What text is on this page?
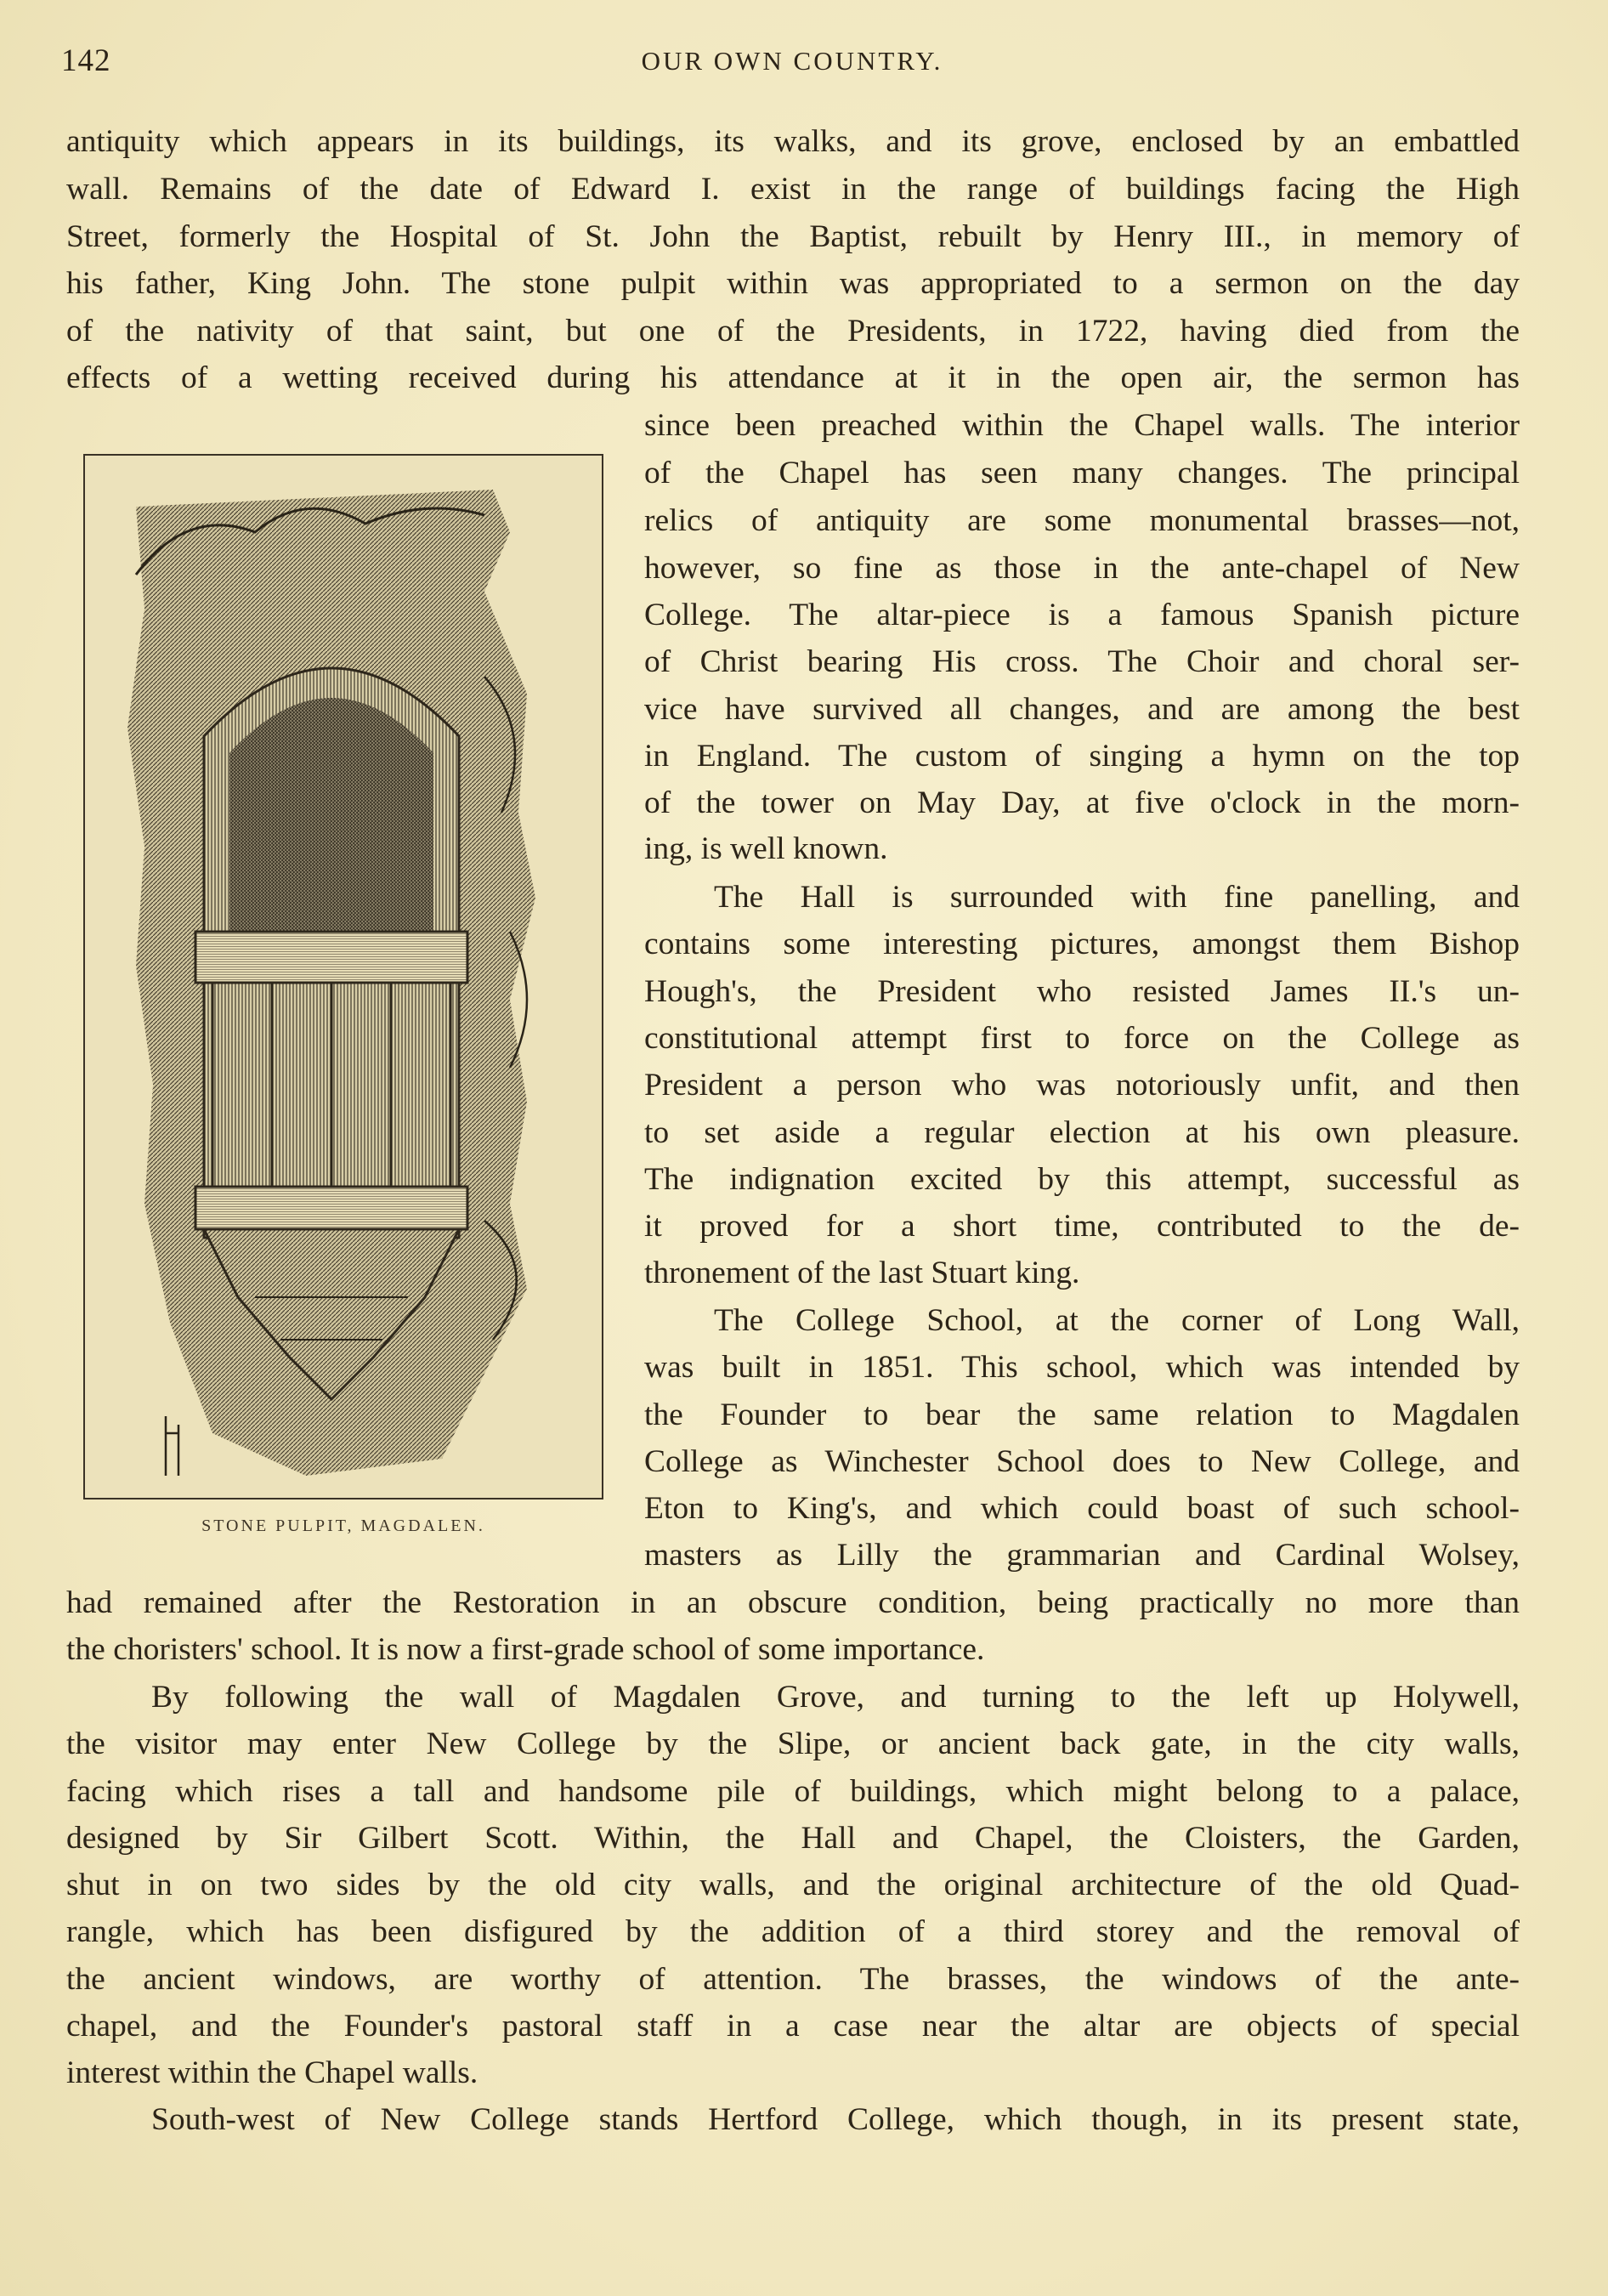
142	OUR OWN COUNTRY.
antiquity which appears in its buildings, its walks, and its grove, enclosed by an embattled
wall. Remains of the date of Edward I. exist in the range of buildings facing the High
Street, formerly the Hospital of St. John the Baptist, rebuilt by Henry III., in memory of
his father, King John. The stone pulpit within was appropriated to a sermon on the day
of the nativity of that saint, but one of the Presidents, in 1722, having died from the
effects of a wetting received during his attendance at it in the open air, the sermon has
since been preached within the Chapel walls. The interior
of the Chapel has seen many changes. The principal
relics of antiquity are some monumental brasses—not,
however, so fine as those in the ante-chapel of New
College. The altar-piece is a famous Spanish picture
of Christ bearing His cross. The Choir and choral ser-
vice have survived all changes, and are among the best
in England. The custom of singing a hymn on the top
of the tower on May Day, at five o'clock in the morn-
ing, is well known.
The Hall is surrounded with fine panelling, and
contains some interesting pictures, amongst them Bishop
Hough's, the President who resisted James II.'s un-
constitutional attempt first to force on the College as
President a person who was notoriously unfit, and then
to set aside a regular election at his own pleasure.
The indignation excited by this attempt, successful as
it proved for a short time, contributed to the de-
thronement of the last Stuart king.
The College School, at the corner of Long Wall,
was built in 1851. This school, which was intended by
the Founder to bear the same relation to Magdalen
College as Winchester School does to New College, and
Eton to King's, and which could boast of such school-
masters as Lilly the grammarian and Cardinal Wolsey,
had remained after the Restoration in an obscure condition, being practically no more than
the choristers' school. It is now a first-grade school of some importance.
By following the wall of Magdalen Grove, and turning to the left up Holywell,
the visitor may enter New College by the Slipe, or ancient back gate, in the city walls,
facing which rises a tall and handsome pile of buildings, which might belong to a palace,
designed by Sir Gilbert Scott. Within, the Hall and Chapel, the Cloisters, the Garden,
shut in on two sides by the old city walls, and the original architecture of the old Quad-
rangle, which has been disfigured by the addition of a third storey and the removal of
the ancient windows, are worthy of attention. The brasses, the windows of the ante-
chapel, and the Founder's pastoral staff in a case near the altar are objects of special
interest within the Chapel walls.
South-west of New College stands Hertford College, which though, in its present state,
STONE PULPIT, MAGDALEN.
